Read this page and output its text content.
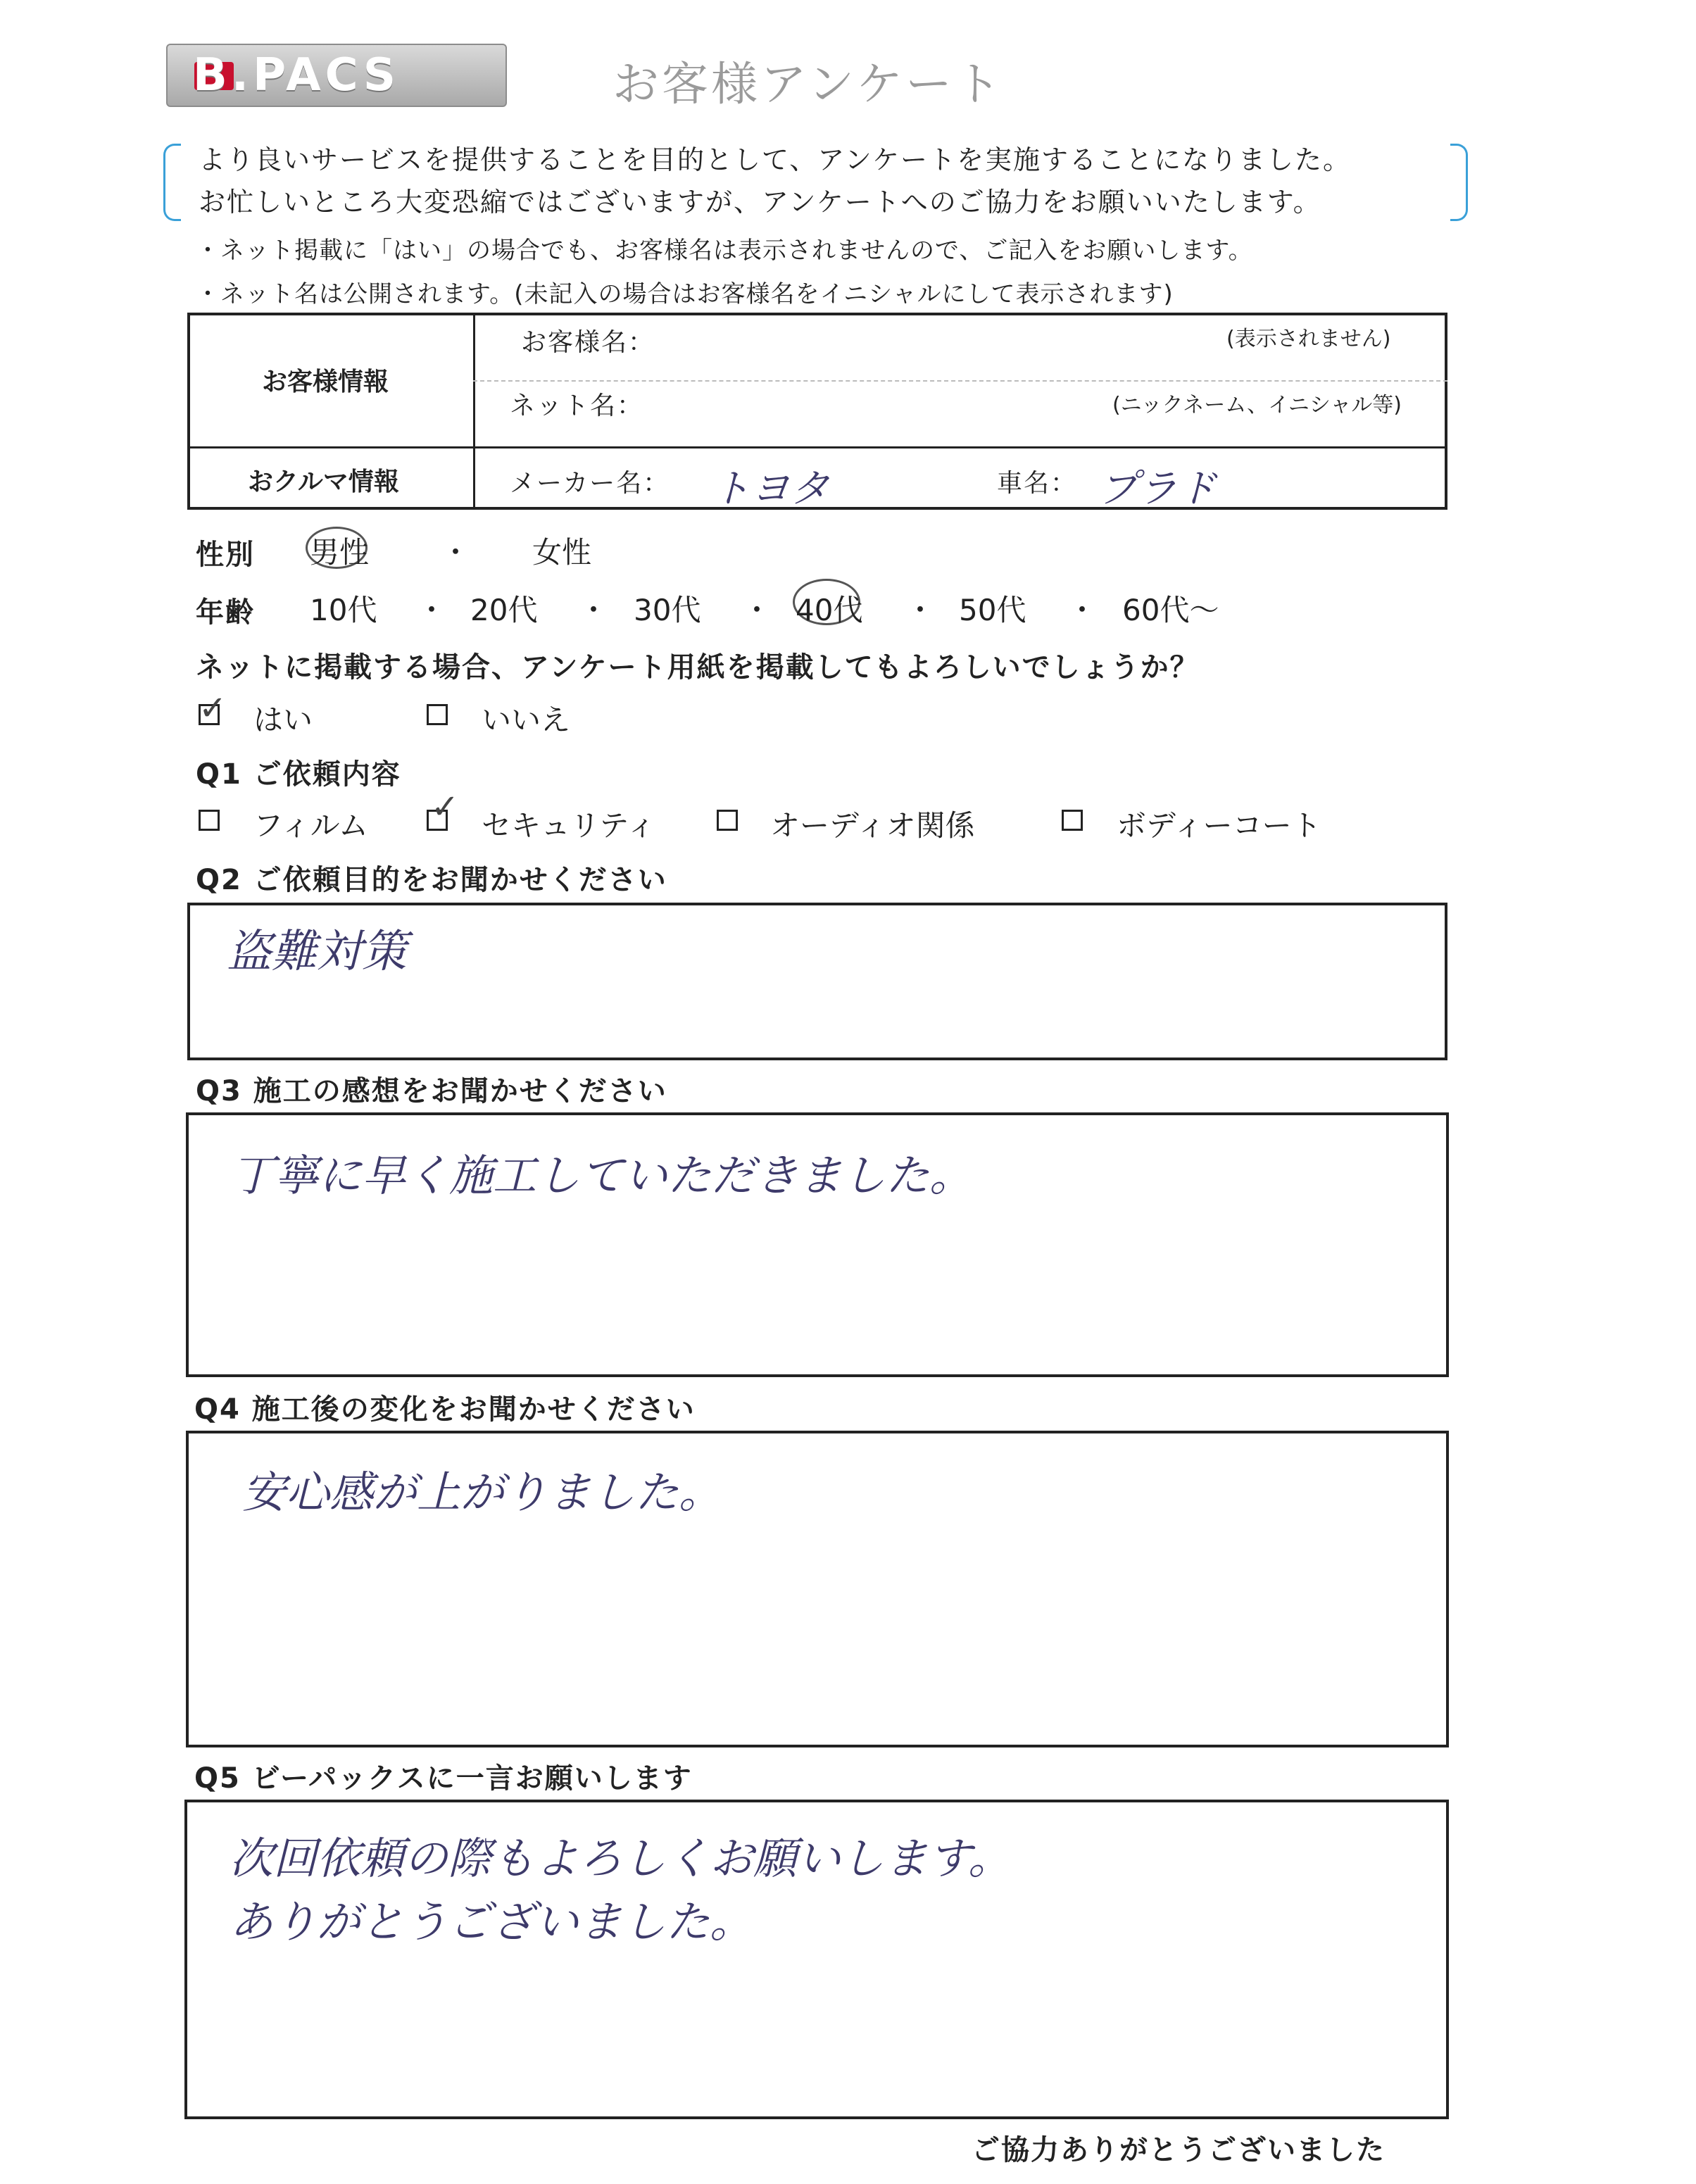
B.PACS	お客様アンケート
より良いサービスを提供することを目的として、アンケートを実施することになりました。
お忙しいところ大変恐縮ではございますが、アンケートへのご協力をお願いいたします。
・ネット掲載に「はい」の場合でも、お客様名は表示されませんので、ご記入をお願いします。
・ネット名は公開されます。(未記入の場合はお客様名をイニシャルにして表示されます)
お客様情報
お客様名：	(表示されません)
ネット名：	(ニックネーム、イニシャル等)
おクルマ情報	メーカー名： トヨタ	車名： プラド
性別 男性 ・ 女性
年齢 10代 ・ 20代 ・ 30代 ・ 40代 ・ 50代 ・ 60代〜
ネットに掲載する場合、アンケート用紙を掲載してもよろしいでしょうか？
✓ はい	いいえ
Q1 ご依頼内容
フィルム ✓ セキュリティ	オーディオ関係	ボディーコート
Q2 ご依頼目的をお聞かせください
盗難対策
Q3 施工の感想をお聞かせください
丁寧に早く施工していただきました。
Q4 施工後の変化をお聞かせください
安心感が上がりました。
Q5 ビーパックスに一言お願いします
次回依頼の際もよろしくお願いします。
ありがとうございました。
ご協力ありがとうございました
